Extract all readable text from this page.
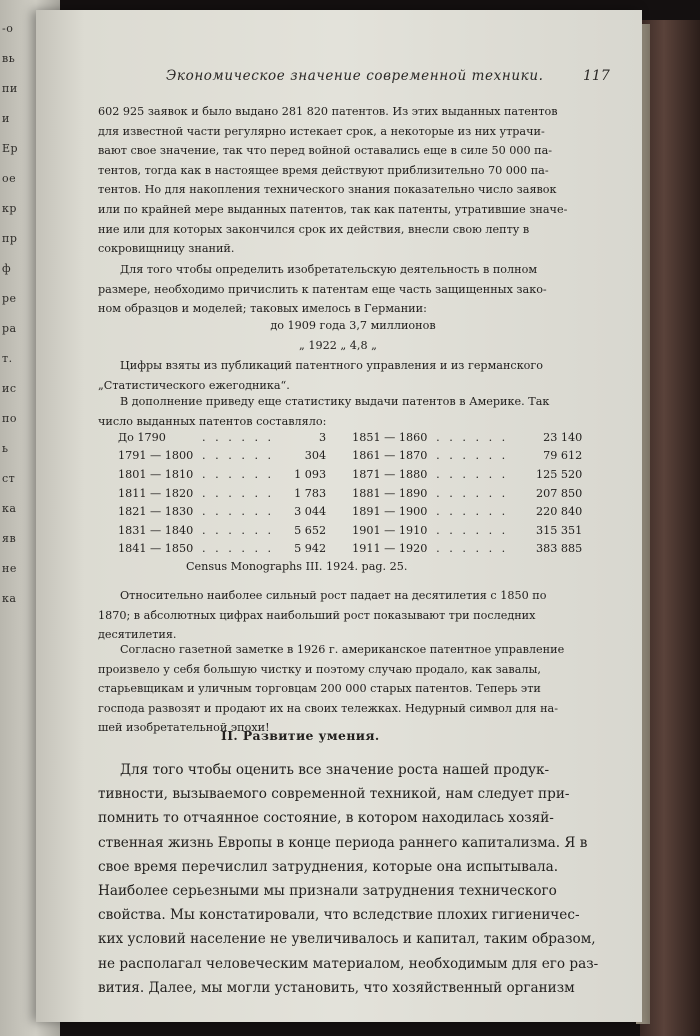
-о
вь
пи
и
Ер
ое
кр
пр
ф
ре
ра
т.
ис
по
ь
ст
ка
яв
не
ка
Экономическое значение современной техники.	117
602 925 заявок и было выдано 281 820 патентов. Из этих выданных патентов
для известной части регулярно истекает срок, а некоторые из них утрачи-
вают свое значение, так что перед войной оставались еще в силе 50 000 па-
тентов, тогда как в настоящее время действуют приблизительно 70 000 па-
тентов. Но для накопления технического знания показательно число заявок
или по крайней мере выданных патентов, так как патенты, утратившие значе-
ние или для которых закончился срок их действия, внесли свою лепту в
сокровищницу знаний.
Для того чтобы определить изобретательскую деятельность в полном
размере, необходимо причислить к патентам еще часть защищенных зако-
ном образцов и моделей; таковых имелось в Германии:
до 1909 года 3,7 миллионов
„ 1922 „ 4,8 „
Цифры взяты из публикаций патентного управления и из германского
„Статистического ежегодника“.
В дополнение приведу еще статистику выдачи патентов в Америке. Так
число выданных патентов составляло:
До 1790	. . . . . .	3	1851 — 1860	. . . . . .	23 140
1791 — 1800	. . . . . .	304	1861 — 1870	. . . . . .	79 612
1801 — 1810	. . . . . .	1 093	1871 — 1880	. . . . . .	125 520
1811 — 1820	. . . . . .	1 783	1881 — 1890	. . . . . .	207 850
1821 — 1830	. . . . . .	3 044	1891 — 1900	. . . . . .	220 840
1831 — 1840	. . . . . .	5 652	1901 — 1910	. . . . . .	315 351
1841 — 1850	. . . . . .	5 942	1911 — 1920	. . . . . .	383 885
Census Monographs III. 1924. pag. 25.
Относительно наиболее сильный рост падает на десятилетия с 1850 по
1870; в абсолютных цифрах наибольший рост показывают три последних
десятилетия.
Согласно газетной заметке в 1926 г. американское патентное управление
произвело у себя большую чистку и поэтому случаю продало, как завалы,
старьевщикам и уличным торговцам 200 000 старых патентов. Теперь эти
господа развозят и продают их на своих тележках. Недурный символ для на-
шей изобретательной эпохи!
II. Развитие умения.
Для того чтобы оценить все значение роста нашей продук-
тивности, вызываемого современной техникой, нам следует при-
помнить то отчаянное состояние, в котором находилась хозяй-
ственная жизнь Европы в конце периода раннего капитализма. Я в
свое время перечислил затруднения, которые она испытывала.
Наиболее серьезными мы признали затруднения технического
свойства. Мы констатировали, что вследствие плохих гигиеничес-
ких условий население не увеличивалось и капитал, таким образом,
не располагал человеческим материалом, необходимым для его раз-
вития. Далее, мы могли установить, что хозяйственный организм
